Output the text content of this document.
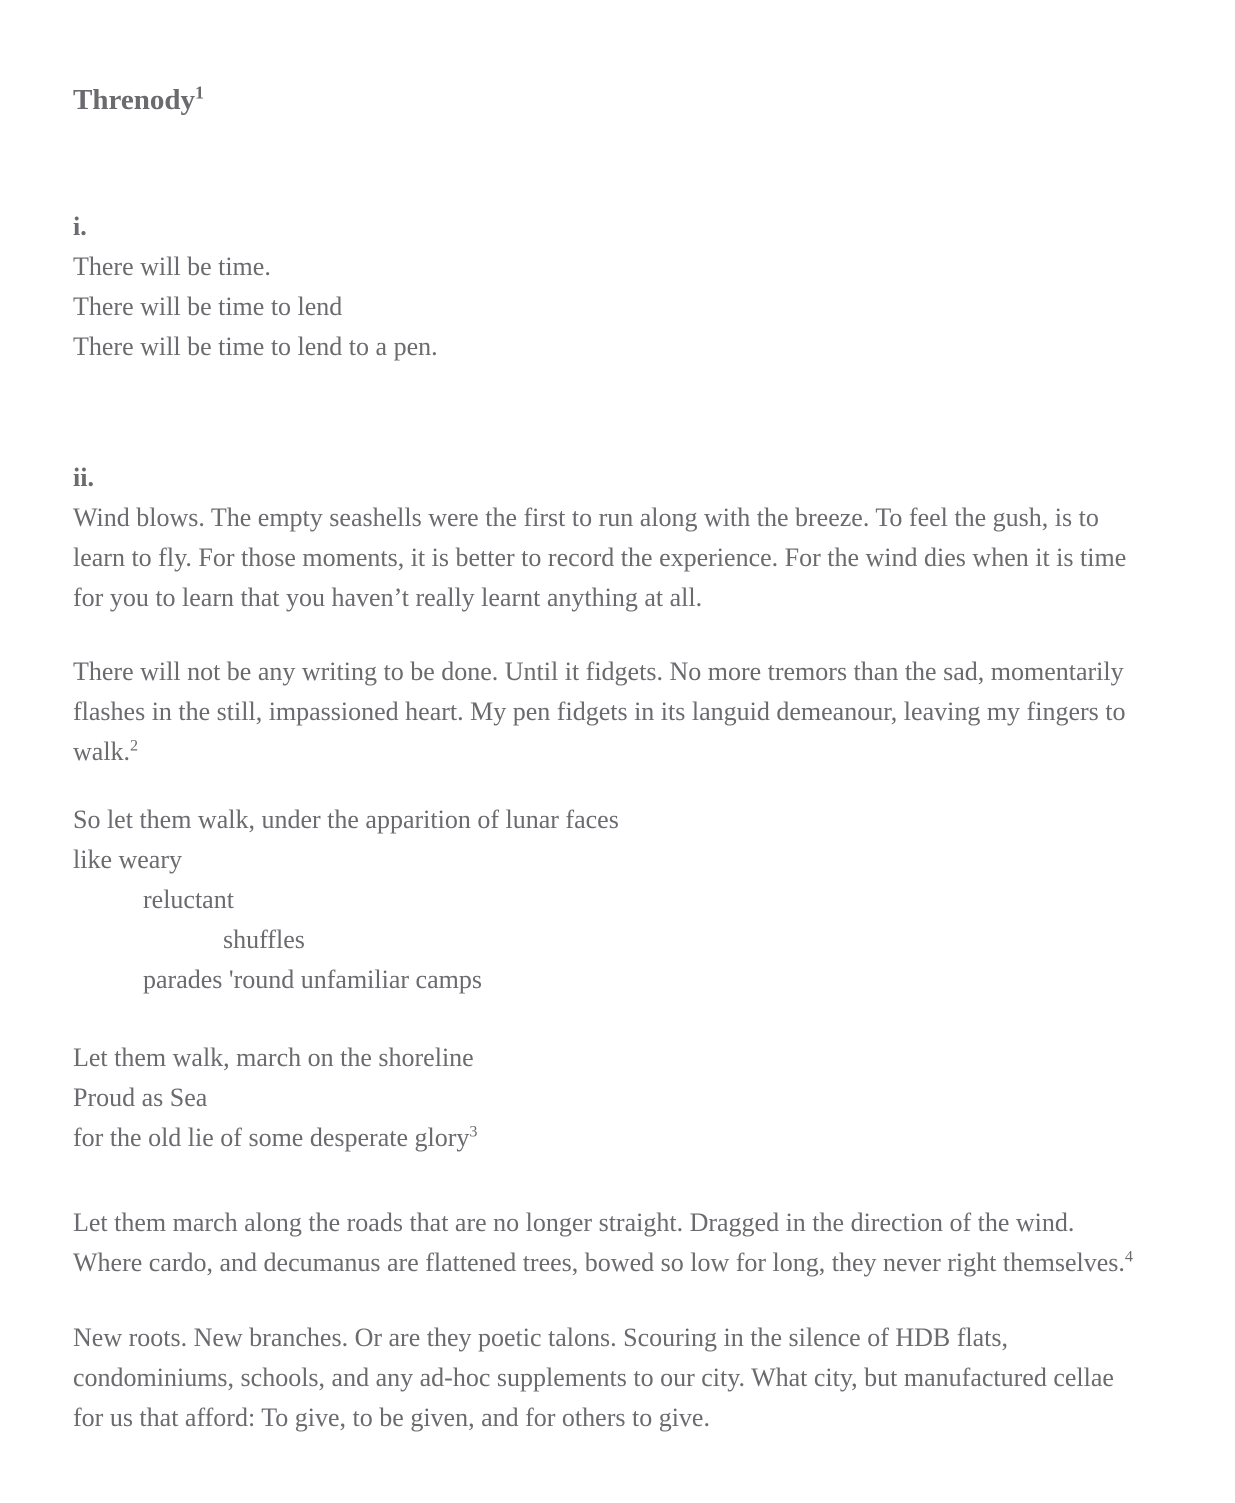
Threnody$^1$

i.

There will be time.

There will be time to lend

There will be time to lend to a pen.

ii.

Wind blows. The empty seashells were the first to run along with the breeze. To feel the gush, is to learn to fly. For those moments, it is better to record the experience. For the wind dies when it is time for you to learn that you haven’t really learnt anything at all.

There will not be any writing to be done. Until it fidgets. No more tremors than the sad, momentarily flashes in the still, impassioned heart. My pen fidgets in its languid demeanour, leaving my fingers to walk.$^2$

So let them walk, under the apparition of lunar faces

like weary

reluctant

shuffles

parades 'round unfamiliar camps

Let them walk, march on the shoreline

Proud as Sea

for the old lie of some desperate glory$^3$

Let them march along the roads that are no longer straight. Dragged in the direction of the wind. Where cardo, and decumanus are flattened trees, bowed so low for long, they never right themselves.$^4$

New roots. New branches. Or are they poetic talons. Scouring in the silence of HDB flats, condominiums, schools, and any ad-hoc supplements to our city. What city, but manufactured cellae for us that afford: To give, to be given, and for others to give.
